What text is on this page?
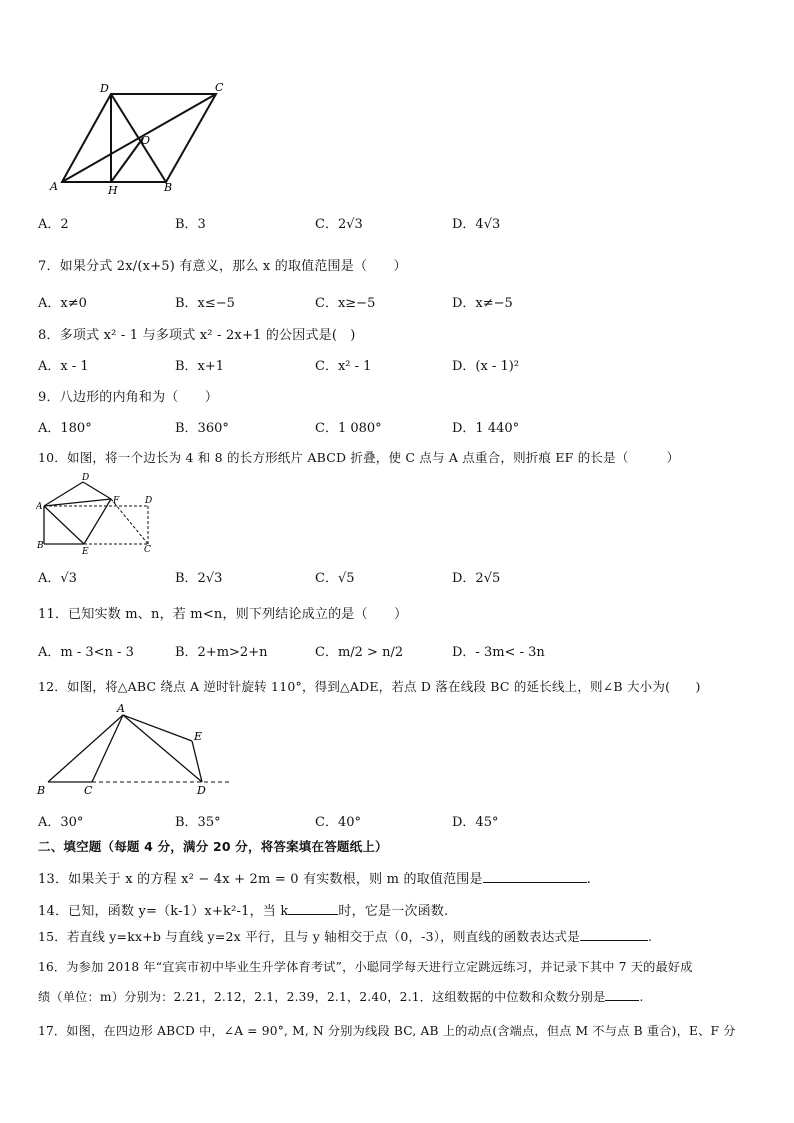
D	C
O
A	H	B
A．2	B．3	C．2√3	D．4√3
7．如果分式 2x/(x+5) 有意义，那么 x 的取值范围是（　　）
A．x≠0	B．x≤−5	C．x≥−5	D．x≠−5
8．多项式 x² - 1 与多项式 x² - 2x+1 的公因式是(　)
A．x - 1	B．x+1	C．x² - 1	D．(x - 1)²
9．八边形的内角和为（　　）
A．180°	B．360°	C．1 080°	D．1 440°
10．如图，将一个边长为 4 和 8 的长方形纸片 ABCD 折叠，使 C 点与 A 点重合，则折痕 EF 的长是（　　　）
D
A
F	D
B
E	C
A．√3	B．2√3	C．√5	D．2√5
11．已知实数 m、n，若 m<n，则下列结论成立的是（　　）
A．m - 3<n - 3	B．2+m>2+n	C．m/2 > n/2	D．- 3m< - 3n
12．如图，将△ABC 绕点 A 逆时针旋转 110°，得到△ADE，若点 D 落在线段 BC 的延长线上，则∠B 大小为(　　)
A
E
B	C	D
A．30°	B．35°	C．40°	D．45°
二、填空题（每题 4 分，满分 20 分，将答案填在答题纸上）
13．如果关于 x 的方程 x² − 4x + 2m = 0 有实数根，则 m 的取值范围是	.
14．已知，函数 y=（k-1）x+k²-1，当 k	时，它是一次函数.
15．若直线 y=kx+b 与直线 y=2x 平行，且与 y 轴相交于点（0，-3），则直线的函数表达式是	.
16．为参加 2018 年“宜宾市初中毕业生升学体育考试”，小聪同学每天进行立定跳远练习，并记录下其中 7 天的最好成
绩（单位：m）分别为：2.21，2.12，2.1，2.39，2.1，2.40，2.1．这组数据的中位数和众数分别是	.
17．如图，在四边形 ABCD 中，∠A = 90°, M, N 分别为线段 BC, AB 上的动点(含端点，但点 M 不与点 B 重合)，E、F 分
